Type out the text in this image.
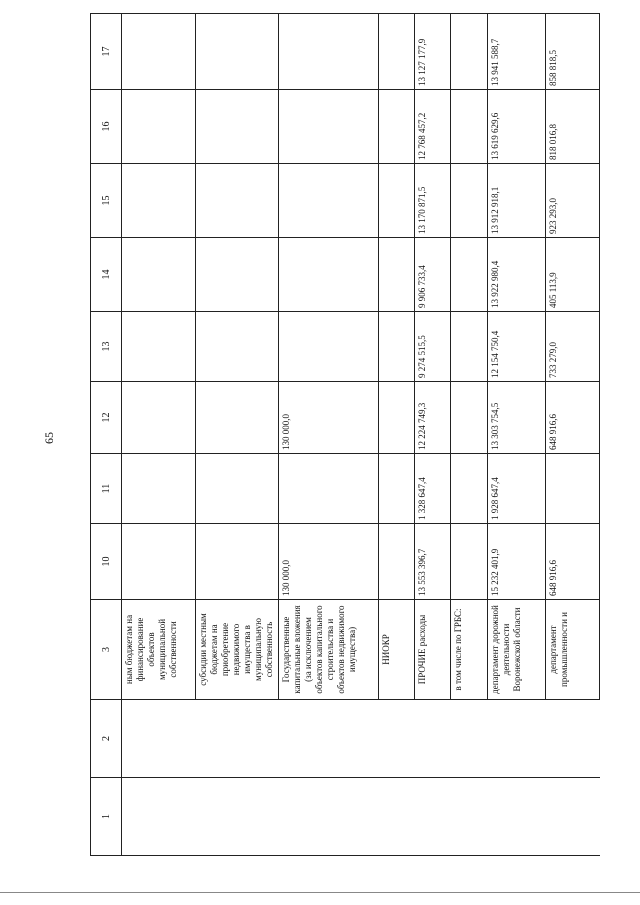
65
1	2	3	10	11	12	13	14	15	16	17
		ным бюджетам на финансирование объектов муниципальной собственности								
		субсидии местным бюджетам на приобретение недвижимого имущества в муниципальную собственность								
		Государственные капитальные вложения (за исключением объектов капитального строительства и объектов недвижимого имущества)	130 000,0		130 000,0					
		НИОКР								
		ПРОЧИЕ расходы	13 553 396,7	1 328 647,4	12 224 749,3	9 274 515,5	9 906 733,4	13 170 871,5	12 768 457,2	13 127 177,9
		в том числе по ГРБС:								
		департамент дорожной деятельности Воронежской области	15 232 401,9	1 928 647,4	13 303 754,5	12 154 750,4	13 922 980,4	13 912 918,1	13 619 629,6	13 941 588,7
		департамент промышленности и	648 916,6		648 916,6	733 279,0	405 113,9	923 293,0	818 016,8	858 818,5
